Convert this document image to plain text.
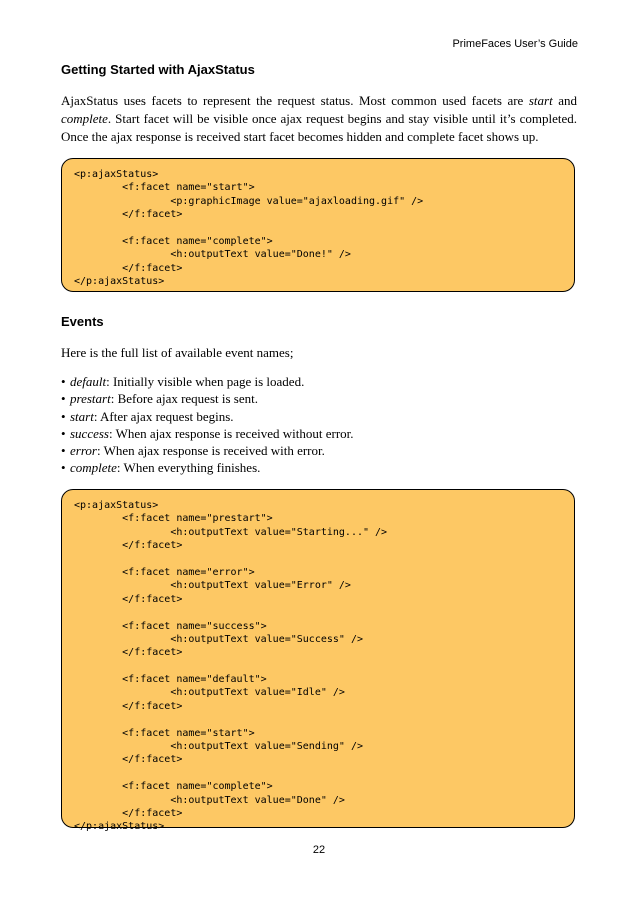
PrimeFaces User’s Guide
Getting Started with AjaxStatus
AjaxStatus uses facets to represent the request status. Most common used facets are start and
complete. Start facet will be visible once ajax request begins and stay visible until it’s completed.
Once the ajax response is received start facet becomes hidden and complete facet shows up.
<p:ajaxStatus>
<f:facet name="start">
<p:graphicImage value="ajaxloading.gif" />
</f:facet>
<f:facet name="complete">
<h:outputText value="Done!" />
</f:facet>
</p:ajaxStatus>
Events
Here is the full list of available event names;
• default: Initially visible when page is loaded.
• prestart: Before ajax request is sent.
• start: After ajax request begins.
• success: When ajax response is received without error.
• error: When ajax response is received with error.
• complete: When everything finishes.
<p:ajaxStatus>
<f:facet name="prestart">
<h:outputText value="Starting..." />
</f:facet>
<f:facet name="error">
<h:outputText value="Error" />
</f:facet>
<f:facet name="success">
<h:outputText value="Success" />
</f:facet>
<f:facet name="default">
<h:outputText value="Idle" />
</f:facet>
<f:facet name="start">
<h:outputText value="Sending" />
</f:facet>
<f:facet name="complete">
<h:outputText value="Done" />
</f:facet>
</p:ajaxStatus>
22
